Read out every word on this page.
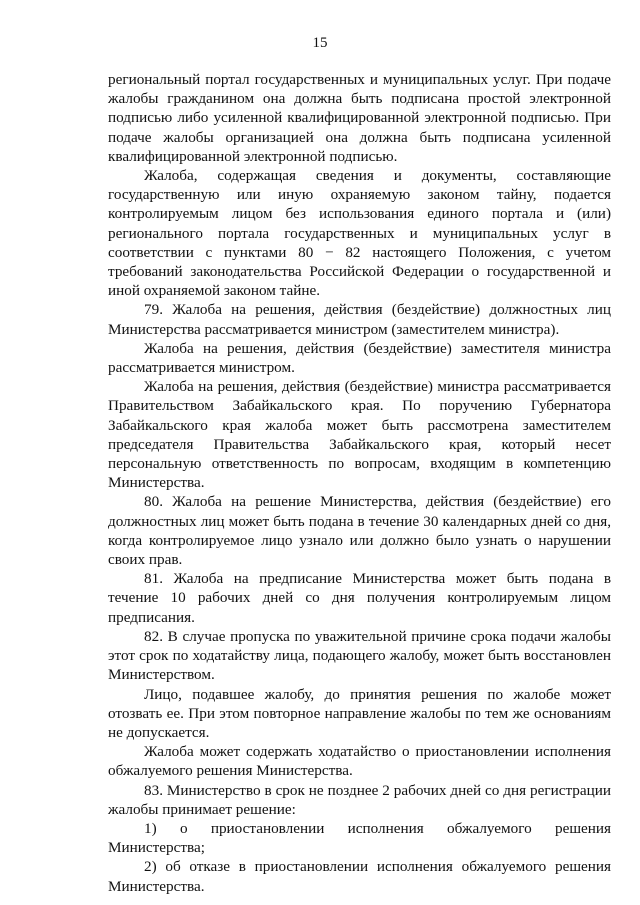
15

региональный портал государственных и муниципальных услуг. При подаче жалобы гражданином она должна быть подписана простой электронной подписью либо усиленной квалифицированной электронной подписью. При подаче жалобы организацией она должна быть подписана усиленной квалифицированной электронной подписью.

Жалоба, содержащая сведения и документы, составляющие государственную или иную охраняемую законом тайну, подается контролируемым лицом без использования единого портала и (или) регионального портала государственных и муниципальных услуг в соответствии с пунктами 80 − 82 настоящего Положения, с учетом требований законодательства Российской Федерации о государственной и иной охраняемой законом тайне.

79. Жалоба на решения, действия (бездействие) должностных лиц Министерства рассматривается министром (заместителем министра).

Жалоба на решения, действия (бездействие) заместителя министра рассматривается министром.

Жалоба на решения, действия (бездействие) министра рассматривается Правительством Забайкальского края. По поручению Губернатора Забайкальского края жалоба может быть рассмотрена заместителем председателя Правительства Забайкальского края, который несет персональную ответственность по вопросам, входящим в компетенцию Министерства.

80. Жалоба на решение Министерства, действия (бездействие) его должностных лиц может быть подана в течение 30 календарных дней со дня, когда контролируемое лицо узнало или должно было узнать о нарушении своих прав.

81. Жалоба на предписание Министерства может быть подана в течение 10 рабочих дней со дня получения контролируемым лицом предписания.

82. В случае пропуска по уважительной причине срока подачи жалобы этот срок по ходатайству лица, подающего жалобу, может быть восстановлен Министерством.

Лицо, подавшее жалобу, до принятия решения по жалобе может отозвать ее. При этом повторное направление жалобы по тем же основаниям не допускается.

Жалоба может содержать ходатайство о приостановлении исполнения обжалуемого решения Министерства.

83. Министерство в срок не позднее 2 рабочих дней со дня регистрации жалобы принимает решение:

1) о приостановлении исполнения обжалуемого решения Министерства;

2) об отказе в приостановлении исполнения обжалуемого решения Министерства.
